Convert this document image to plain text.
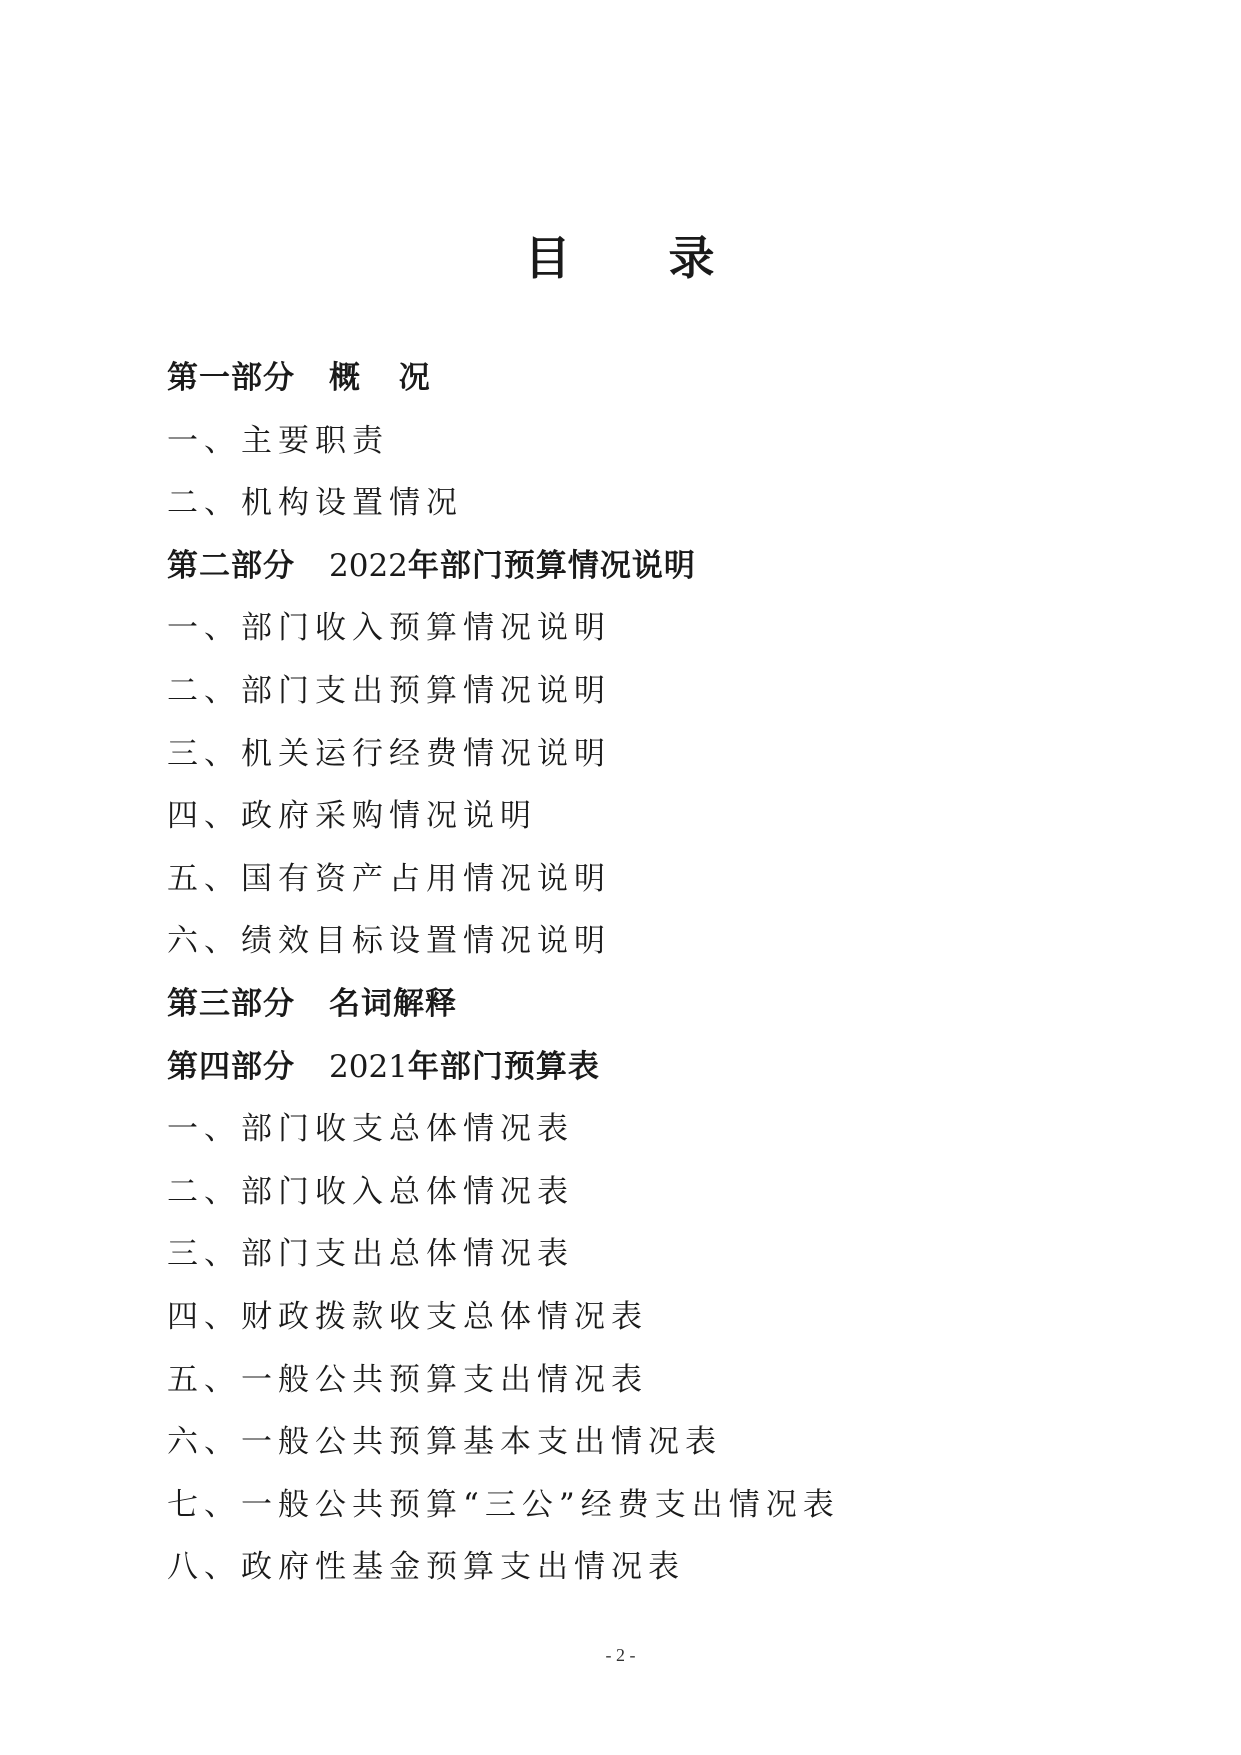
目 录
第一部分 概 况
一、主要职责
二、机构设置情况
第二部分 2022年部门预算情况说明
一、部门收入预算情况说明
二、部门支出预算情况说明
三、机关运行经费情况说明
四、政府采购情况说明
五、国有资产占用情况说明
六、绩效目标设置情况说明
第三部分 名词解释
第四部分 2021年部门预算表
一、部门收支总体情况表
二、部门收入总体情况表
三、部门支出总体情况表
四、财政拨款收支总体情况表
五、一般公共预算支出情况表
六、一般公共预算基本支出情况表
七、一般公共预算“三公”经费支出情况表
八、政府性基金预算支出情况表
- 2 -
